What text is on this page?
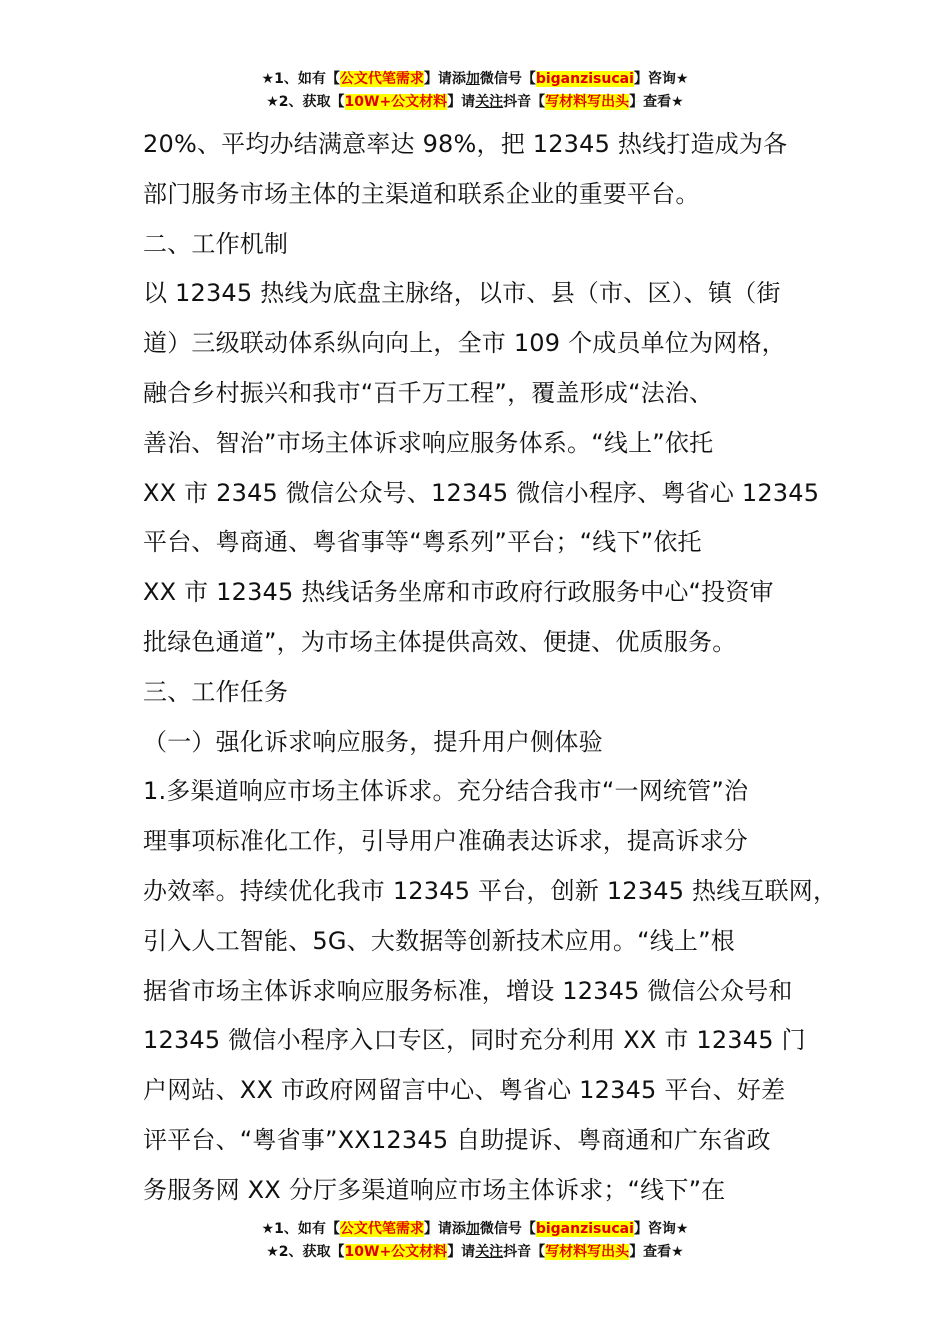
★1、如有【公文代笔需求】请添加微信号【biganzisucai】咨询★
★2、获取【10W+公文材料】请关注抖音【写材料写出头】查看★
20%、平均办结满意率达 98%，把 12345 热线打造成为各
部门服务市场主体的主渠道和联系企业的重要平台。
二、工作机制
以 12345 热线为底盘主脉络，以市、县（市、区）、镇（街
道）三级联动体系纵向向上，全市 109 个成员单位为网格，
融合乡村振兴和我市“百千万工程”，覆盖形成“法治、
善治、智治”市场主体诉求响应服务体系。“线上”依托
XX 市 2345 微信公众号、12345 微信小程序、粤省心 12345
平台、粤商通、粤省事等“粤系列”平台；“线下”依托
XX 市 12345 热线话务坐席和市政府行政服务中心“投资审
批绿色通道”，为市场主体提供高效、便捷、优质服务。
三、工作任务
（一）强化诉求响应服务，提升用户侧体验
1.多渠道响应市场主体诉求。充分结合我市“一网统管”治
理事项标准化工作，引导用户准确表达诉求，提高诉求分
办效率。持续优化我市 12345 平台，创新 12345 热线互联网，
引入人工智能、5G、大数据等创新技术应用。“线上”根
据省市场主体诉求响应服务标准，增设 12345 微信公众号和
12345 微信小程序入口专区，同时充分利用 XX 市 12345 门
户网站、XX 市政府网留言中心、粤省心 12345 平台、好差
评平台、“粤省事”XX12345 自助提诉、粤商通和广东省政
务服务网 XX 分厅多渠道响应市场主体诉求；“线下”在
★1、如有【公文代笔需求】请添加微信号【biganzisucai】咨询★
★2、获取【10W+公文材料】请关注抖音【写材料写出头】查看★
